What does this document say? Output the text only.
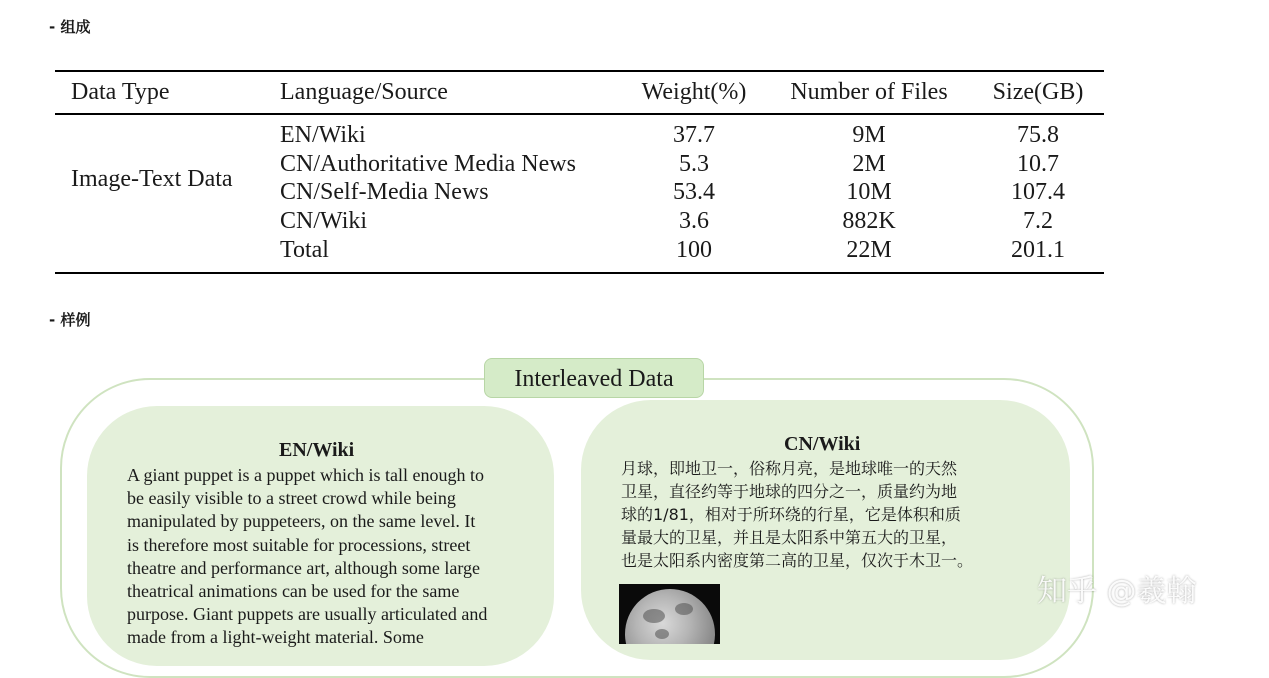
- 组成
Data Type	Language/Source	Weight(%)	Number of Files	Size(GB)
Image-Text Data
EN/Wiki	37.7	9M	75.8
CN/Authoritative Media News	5.3	2M	10.7
CN/Self-Media News	53.4	10M	107.4
CN/Wiki	3.6	882K	7.2
Total	100	22M	201.1
- 样例
Interleaved Data
EN/Wiki
A giant puppet is a puppet which is tall enough to
be easily visible to a street crowd while being
manipulated by puppeteers, on the same level. It
is therefore most suitable for processions, street
theatre and performance art, although some large
theatrical animations can be used for the same
purpose. Giant puppets are usually articulated and
made from a light-weight material. Some
CN/Wiki
月球，即地卫一，俗称月亮，是地球唯一的天然
卫星，直径约等于地球的四分之一，质量约为地
球的1/81，相对于所环绕的行星，它是体积和质
量最大的卫星，并且是太阳系中第五大的卫星，
也是太阳系内密度第二高的卫星，仅次于木卫一。
知乎 @羲翰
